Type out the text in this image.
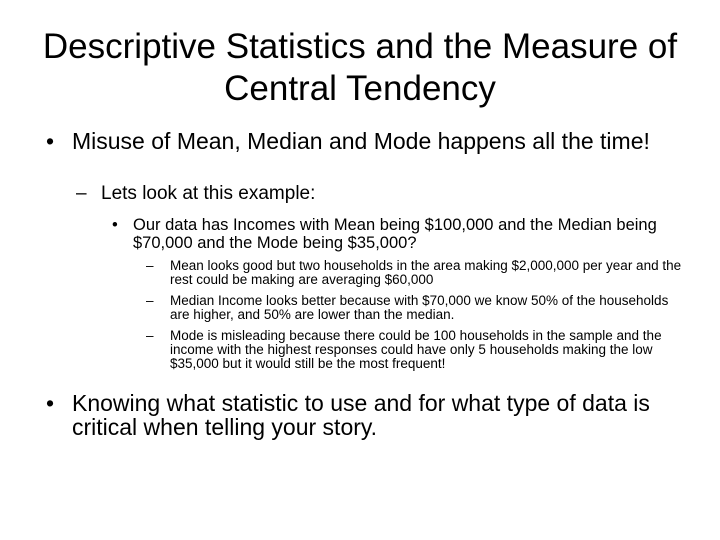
Descriptive Statistics and the Measure of Central Tendency
• Misuse of Mean, Median and Mode happens all the time!
– Lets look at this example:
• Our data has Incomes with Mean being $100,000 and the Median being $70,000 and the Mode being $35,000?
– Mean looks good but two households in the area making $2,000,000 per year and the rest could be making are averaging $60,000
– Median Income looks better because with $70,000 we know 50% of the households are higher, and 50% are lower than the median.
– Mode is misleading because there could be 100 households in the sample and the income with the highest responses could have only 5 households making the low $35,000 but it would still be the most frequent!
• Knowing what statistic to use and for what type of data is critical when telling your story.
